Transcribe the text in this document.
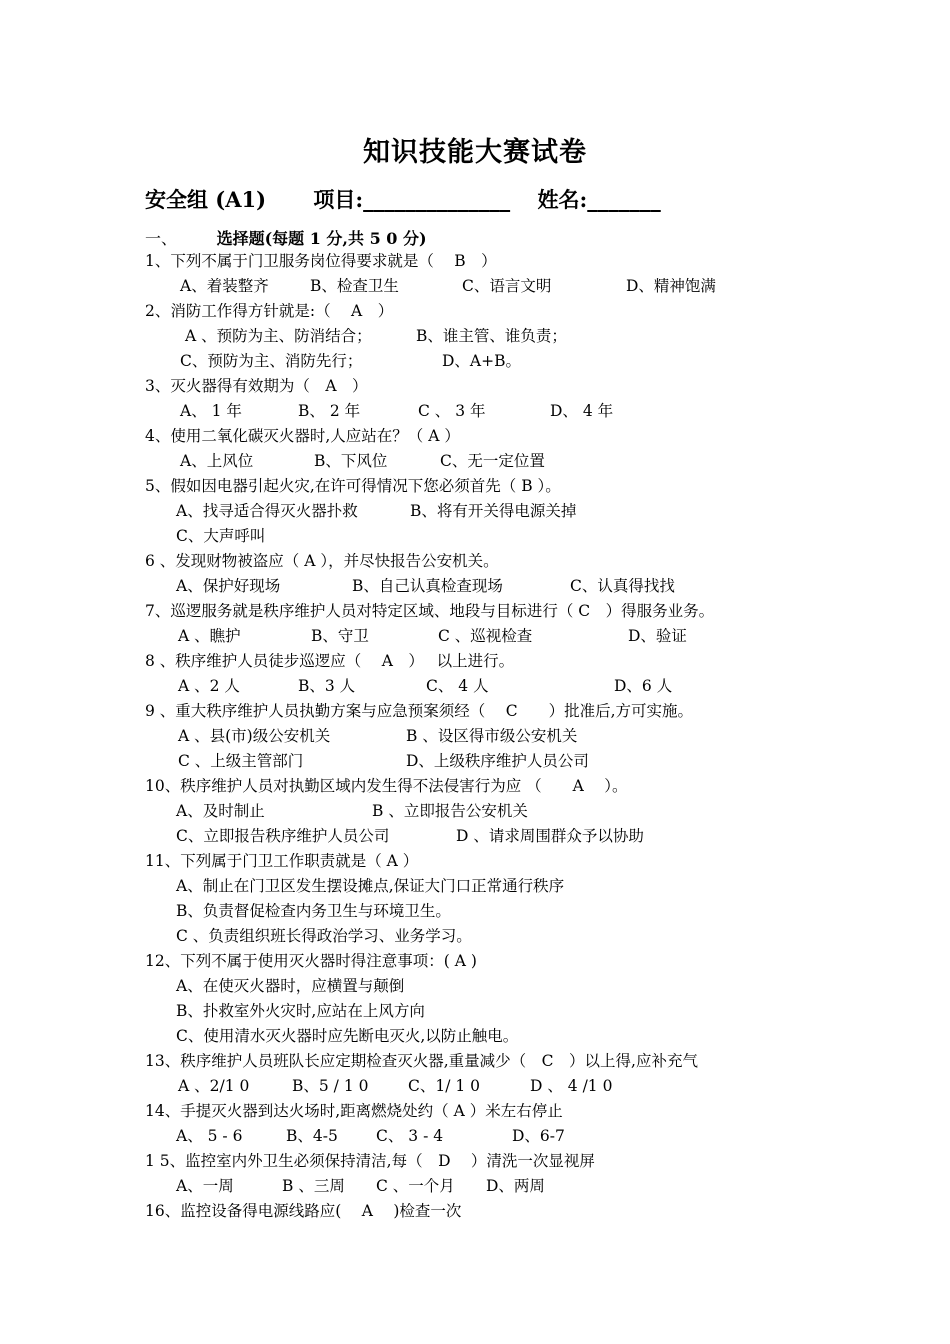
知识技能大赛试卷
安全组 (A1) 项目:______________ 姓名:_______
一、 选择题(每题 1 分,共 5 0 分)
1、下列不属于门卫服务岗位得要求就是（　 B　）
A、着装整齐	B、检查卫生	C、语言文明	D、精神饱满
2、消防工作得方针就是:（　 A　）
A 、预防为主、防消结合；	B、谁主管、谁负责；
C、预防为主、消防先行；	D、A+B。
3、灭火器得有效期为（　A　）
A、 1 年	B、 2 年	C 、 3 年	D、 4 年
4、使用二氧化碳灭火器时,人应站在？（ A ）
A、上风位	B、下风位	C、无一定位置
5、假如因电器引起火灾,在许可得情况下您必须首先（ B ）。
A、找寻适合得灭火器扑救	B、将有开关得电源关掉
C、大声呼叫
6 、发现财物被盗应（ A ），并尽快报告公安机关。
A、保护好现场	B、自己认真检查现场	C、认真得找找
7、巡逻服务就是秩序维护人员对特定区域、地段与目标进行（ C　）得服务业务。
A 、瞧护	B、守卫	C 、巡视检查	D、验证
8 、秩序维护人员徒步巡逻应（　 A　）　 以上进行。
A 、2 人	B、3 人	C、 4 人	D、6 人
9 、重大秩序维护人员执勤方案与应急预案须经（　 C　　）批准后,方可实施。
A 、县(市)级公安机关	B 、设区得市级公安机关
C 、上级主管部门	D、上级秩序维护人员公司
10、秩序维护人员对执勤区域内发生得不法侵害行为应 （　　A　 ）。
A、及时制止	B 、立即报告公安机关
C、立即报告秩序维护人员公司	D 、请求周围群众予以协助
11、下列属于门卫工作职责就是（ A ）
A、制止在门卫区发生摆设摊点,保证大门口正常通行秩序
B、负责督促检查内务卫生与环境卫生。
C 、负责组织班长得政治学习、业务学习。
12、下列不属于使用灭火器时得注意事项：( A )
A、在使灭火器时，应横置与颠倒
B、扑救室外火灾时,应站在上风方向
C、使用清水灭火器时应先断电灭火,以防止触电。
13、秩序维护人员班队长应定期检查灭火器,重量减少（　C　）以上得,应补充气
A 、2/1 0	B、5 / 1 0	C、1/ 1 0	D 、 4 /1 0
14、手提灭火器到达火场时,距离燃烧处约（ A ）米左右停止
A、 5 - 6	B、4-5 C、 3 - 4	D、6-7
1 5、监控室内外卫生必须保持清洁,每（　D　 ）清洗一次显视屏
A、一周	B 、三周 C 、一个月 D、两周
16、监控设备得电源线路应(　 A　 )检查一次
